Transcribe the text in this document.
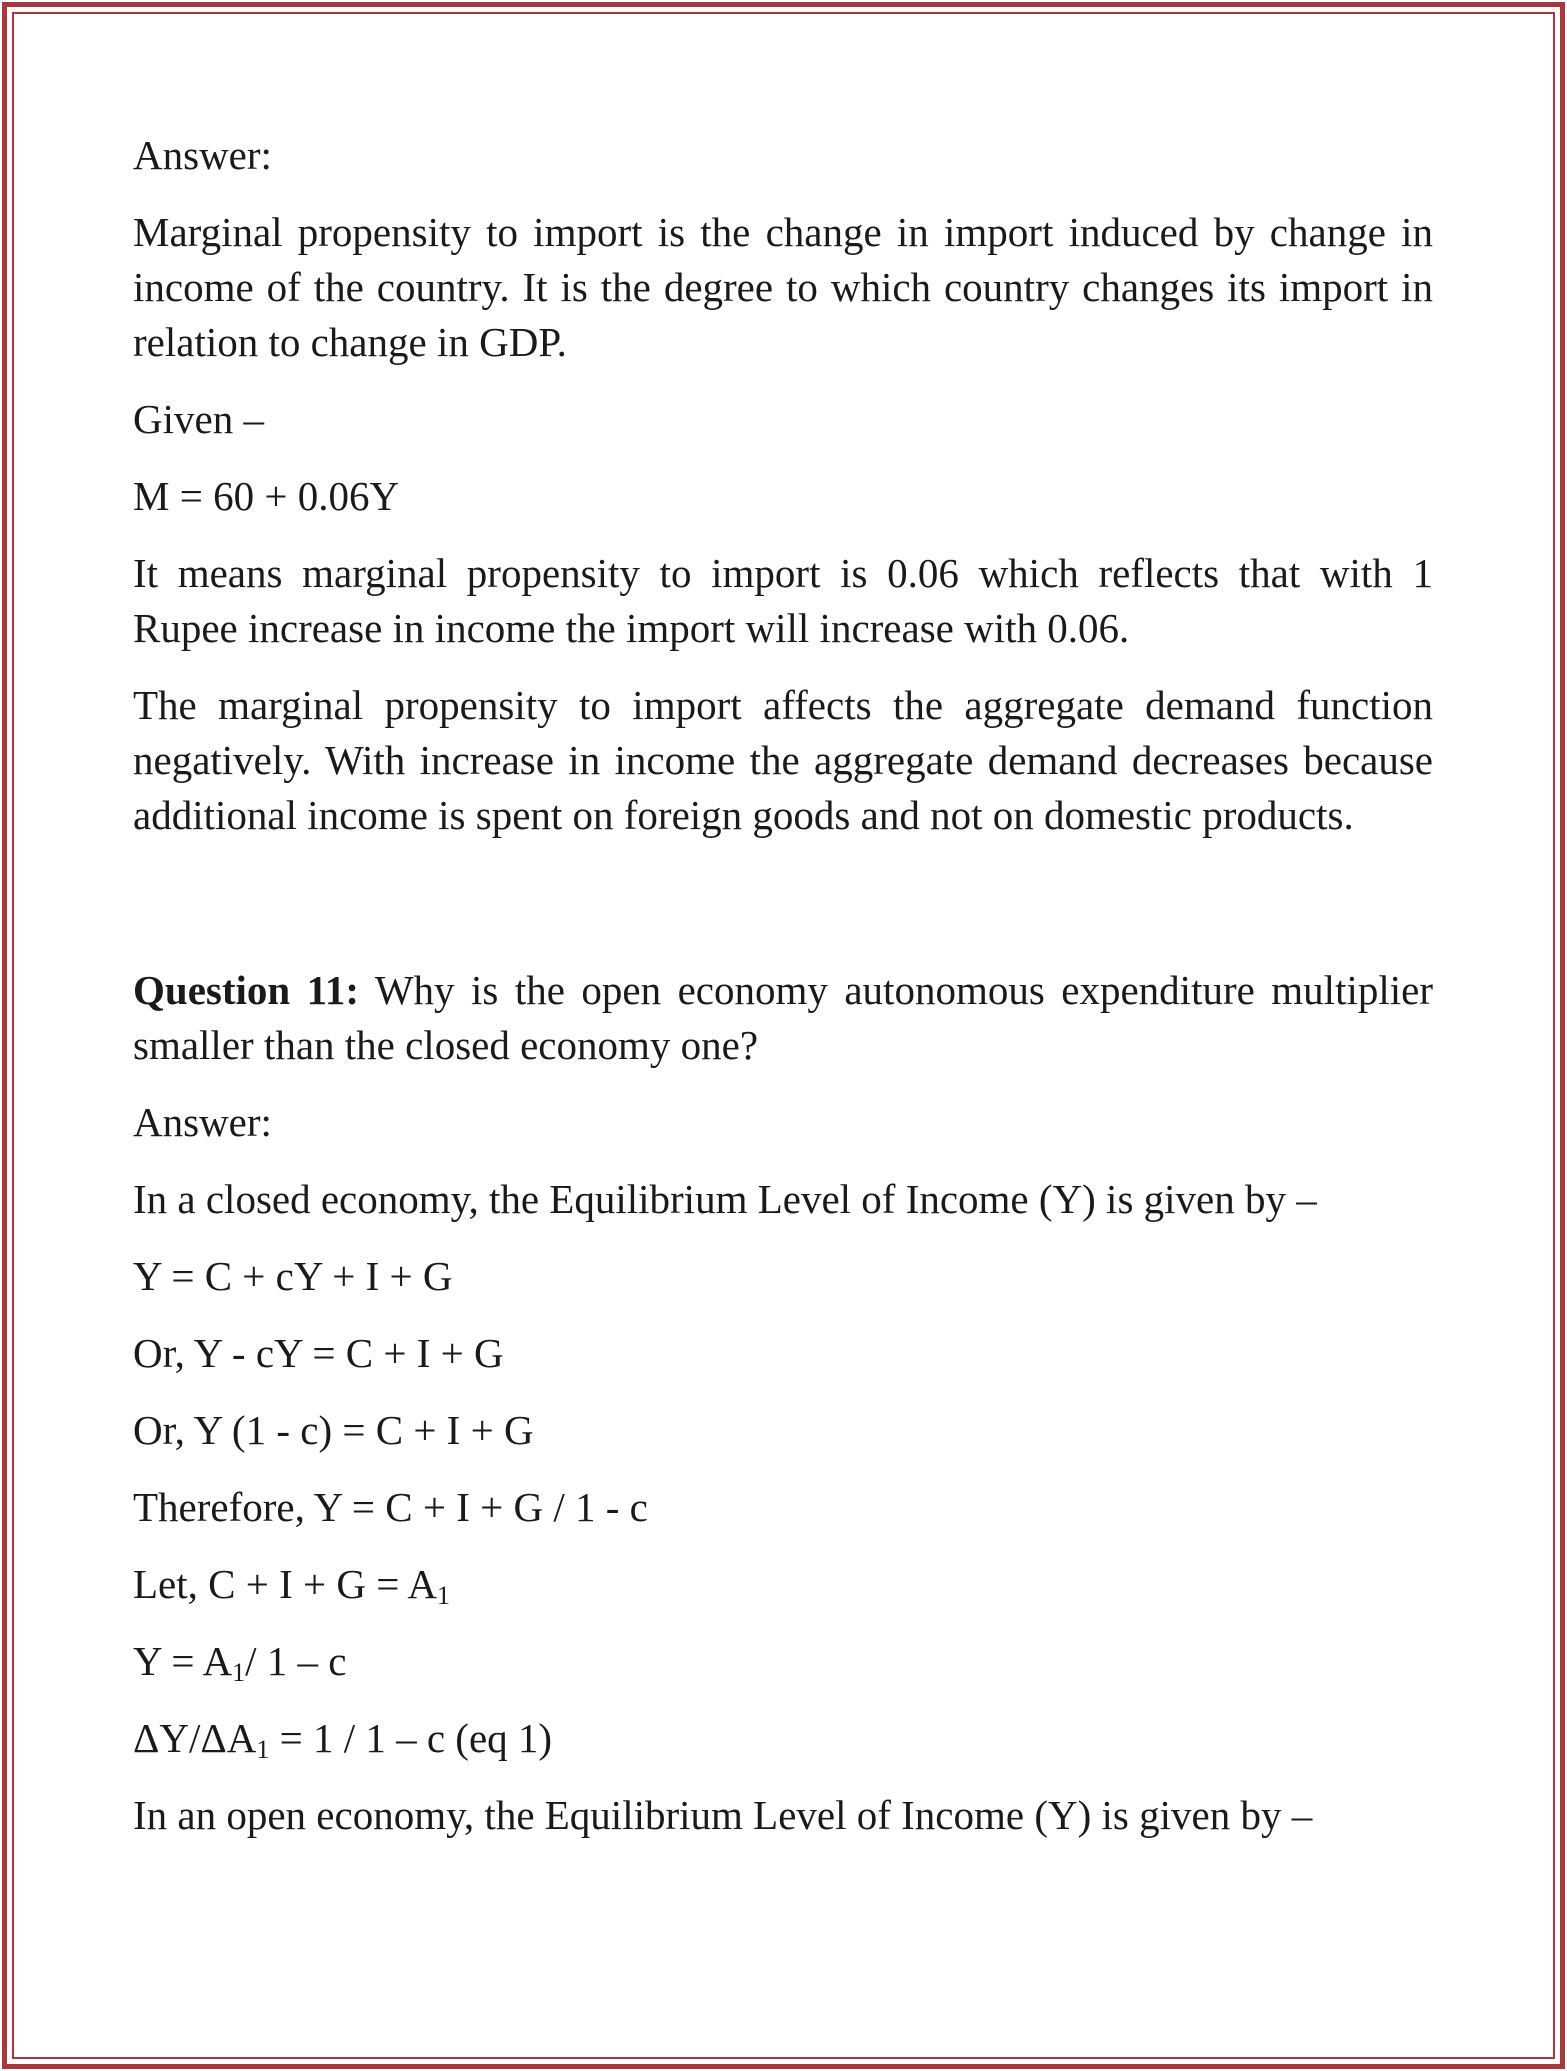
Answer:

Marginal propensity to import is the change in import induced by change in income of the country. It is the degree to which country changes its import in relation to change in GDP.

Given –

M = 60 + 0.06Y

It means marginal propensity to import is 0.06 which reflects that with 1 Rupee increase in income the import will increase with 0.06.

The marginal propensity to import affects the aggregate demand function negatively. With increase in income the aggregate demand decreases because additional income is spent on foreign goods and not on domestic products.

Question 11: Why is the open economy autonomous expenditure multiplier smaller than the closed economy one?

Answer:

In a closed economy, the Equilibrium Level of Income (Y) is given by –

Y = C + cY + I + G

Or, Y - cY = C + I + G

Or, Y (1 - c) = C + I + G

Therefore, Y = C + I + G / 1 - c

Let, $C + I + G = A_1$

$Y = A_1/$ 1 – c

$\Delta Y/\Delta A_1 = 1 / 1 - c$ (eq 1)

In an open economy, the Equilibrium Level of Income (Y) is given by –
